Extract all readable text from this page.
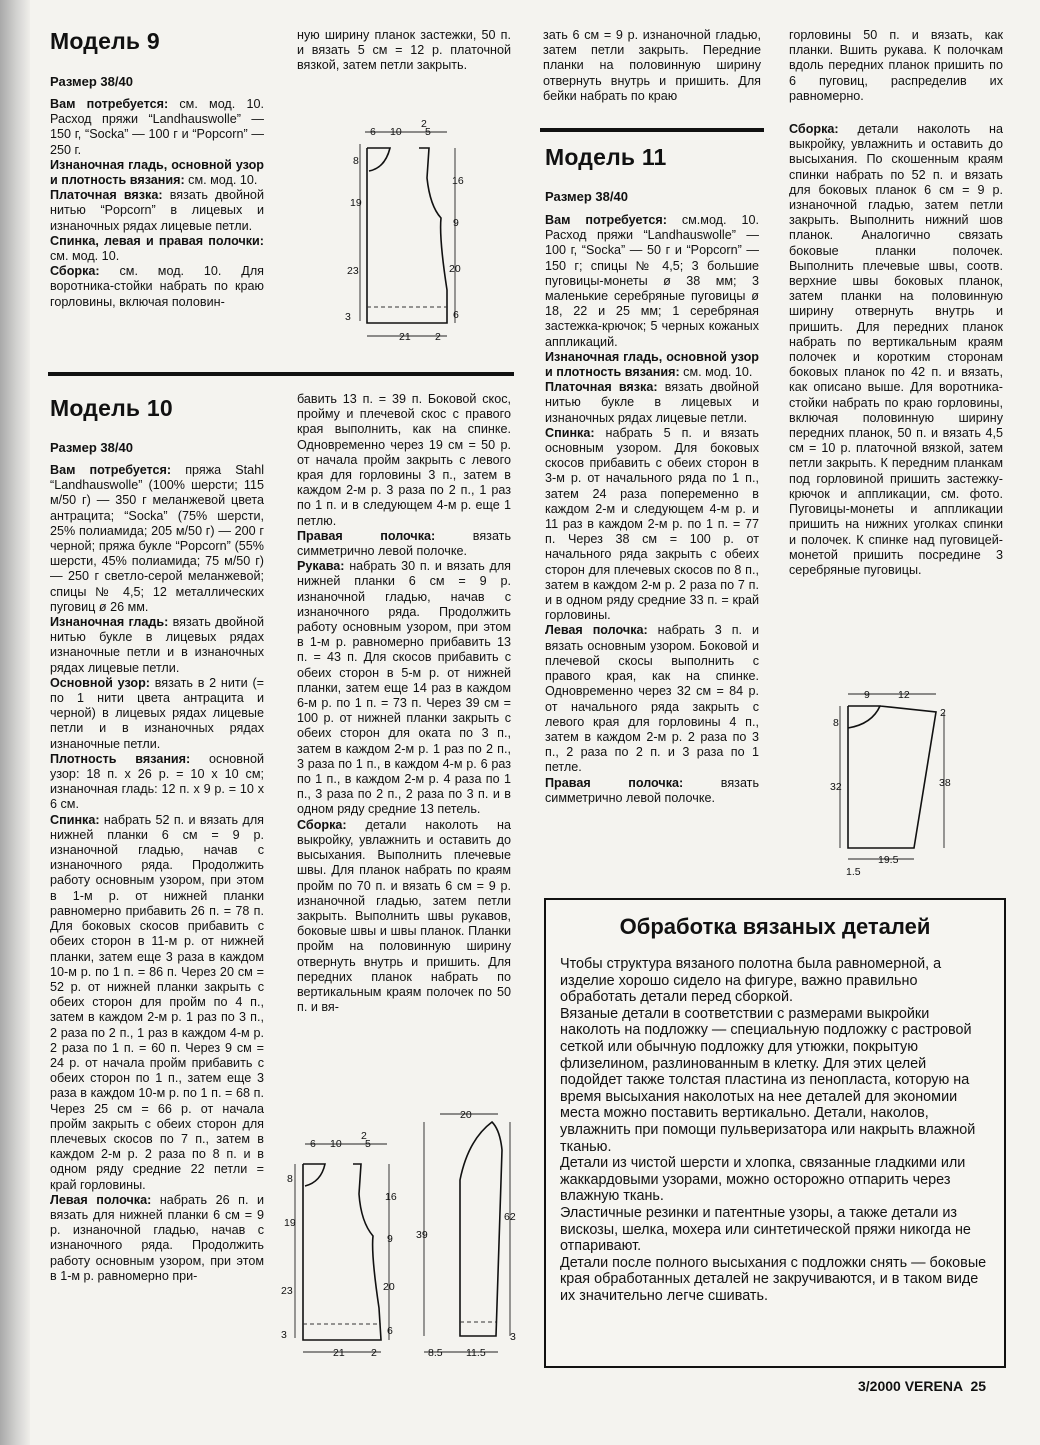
Модель 9
Размер 38/40

Вам потребуется: см. мод. 10. Расход пряжи “Landhauswolle” — 150 г, “Socka” — 100 г и “Popcorn” — 250 г.

Изнаночная гладь, основной узор и плотность вязания: см. мод. 10.

Платочная вязка: вязать двойной нитью “Popcorn” в лицевых и изнаночных рядах лицевые петли.

Спинка, левая и правая полочки: см. мод. 10.

Сборка: см. мод. 10. Для воротника-стойки набрать по краю горловины, включая половин-

ную ширину планок застежки, 50 п. и вязать 5 см = 12 р. платочной вязкой, затем петли закрыть.

6 10 5
2
8
19
23
3
16
9
20
6
21 2

зать 6 см = 9 р. изнаночной гладью, затем петли закрыть. Передние планки на половинную ширину отвернуть внутрь и пришить. Для бейки набрать по краю

Модель 11
Размер 38/40

Вам потребуется: см.мод. 10. Расход пряжи “Landhauswolle” — 100 г, “Socka” — 50 г и “Popcorn” — 150 г; спицы № 4,5; 3 большие пуговицы-монеты ø 38 мм; 3 маленькие серебряные пуговицы ø 18, 22 и 25 мм; 1 серебряная застежка-крючок; 5 черных кожаных аппликаций.

Изнаночная гладь, основной узор и плотность вязания: см. мод. 10.

Платочная вязка: вязать двойной нитью букле в лицевых и изнаночных рядах лицевые петли.

Спинка: набрать 5 п. и вязать основным узором. Для боковых скосов прибавить с обеих сторон в 3-м р. от начального ряда по 1 п., затем 24 раза попеременно в каждом 2-м и следующем 4-м р. и 11 раз в каждом 2-м р. по 1 п. = 77 п. Через 38 см = 100 р. от начального ряда закрыть с обеих сторон для плечевых скосов по 8 п., затем в каждом 2-м р. 2 раза по 7 п. и в одном ряду средние 33 п. = край горловины.

Левая полочка: набрать 3 п. и вязать основным узором. Боковой и плечевой скосы выполнить с правого края, как на спинке. Одновременно через 32 см = 84 р. от начального ряда закрыть с левого края для горловины 4 п., затем в каждом 2-м р. 2 раза по 3 п., 2 раза по 2 п. и 3 раза по 1 петле.

Правая полочка: вязать симметрично левой полочке.

горловины 50 п. и вязать, как планки. Вшить рукава. К полочкам вдоль передних планок пришить по 6 пуговиц, распределив их равномерно.

Сборка: детали наколоть на выкройку, увлажнить и оставить до высыхания. По скошенным краям спинки набрать по 52 п. и вязать для боковых планок 6 см = 9 р. изнаночной гладью, затем петли закрыть. Выполнить нижний шов планок. Аналогично связать боковые планки полочек. Выполнить плечевые швы, соотв. верхние швы боковых планок, затем планки на половинную ширину отвернуть внутрь и пришить. Для передних планок набрать по вертикальным краям полочек и коротким сторонам боковых планок по 42 п. и вязать, как описано выше. Для воротника-стойки набрать по краю горловины, включая половинную ширину передних планок, 50 п. и вязать 4,5 см = 10 р. платочной вязкой, затем петли закрыть. К передним планкам под горловиной пришить застежку-крючок и аппликации, см. фото. Пуговицы-монеты и аппликации пришить на нижних уголках спинки и полочек. К спинке над пуговицей-монетой пришить посредине 3 серебряные пуговицы.

9	12
2
8
32	38
19.5
1.5
Модель 10
Размер 38/40

Вам потребуется: пряжа Stahl “Landhauswolle” (100% шерсти; 115 м/50 г) — 350 г меланжевой цвета антрацита; “Socka” (75% шерсти, 25% полиамида; 205 м/50 г) — 200 г черной; пряжа букле “Popcorn” (55% шерсти, 45% полиамида; 75 м/50 г) — 250 г светло-серой меланжевой; спицы № 4,5; 12 металлических пуговиц ø 26 мм.

Изнаночная гладь: вязать двойной нитью букле в лицевых рядах изнаночные петли и в изнаночных рядах лицевые петли.

Основной узор: вязать в 2 нити (= по 1 нити цвета антрацита и черной) в лицевых рядах лицевые петли и в изнаночных рядах изнаночные петли.

Плотность вязания: основной узор: 18 п. х 26 р. = 10 х 10 см; изнаночная гладь: 12 п. х 9 р. = 10 х 6 см.

Спинка: набрать 52 п. и вязать для нижней планки 6 см = 9 р. изнаночной гладью, начав с изнаночного ряда. Продолжить работу основным узором, при этом в 1-м р. от нижней планки равномерно прибавить 26 п. = 78 п. Для боковых скосов прибавить с обеих сторон в 11-м р. от нижней планки, затем еще 3 раза в каждом 10-м р. по 1 п. = 86 п. Через 20 см = 52 р. от нижней планки закрыть с обеих сторон для пройм по 4 п., затем в каждом 2-м р. 1 раз по 3 п., 2 раза по 2 п., 1 раз в каждом 4-м р. 2 раза по 1 п. = 60 п. Через 9 см = 24 р. от начала пройм прибавить с обеих сторон по 1 п., затем еще 3 раза в каждом 10-м р. по 1 п. = 68 п. Через 25 см = 66 р. от начала пройм закрыть с обеих сторон для плечевых скосов по 7 п., затем в каждом 2-м р. 2 раза по 8 п. и в одном ряду средние 22 петли = край горловины.

Левая полочка: набрать 26 п. и вязать для нижней планки 6 см = 9 р. изнаночной гладью, начав с изнаночного ряда. Продолжить работу основным узором, при этом в 1-м р. равномерно при-

бавить 13 п. = 39 п. Боковой скос, пройму и плечевой скос с правого края выполнить, как на спинке. Одновременно через 19 см = 50 р. от начала пройм закрыть с левого края для горловины 3 п., затем в каждом 2-м р. 3 раза по 2 п., 1 раз по 1 п. и в следующем 4-м р. еще 1 петлю.

Правая полочка: вязать симметрично левой полочке.

Рукава: набрать 30 п. и вязать для нижней планки 6 см = 9 р. изнаночной гладью, начав с изнаночного ряда. Продолжить работу основным узором, при этом в 1-м р. равномерно прибавить 13 п. = 43 п. Для скосов прибавить с обеих сторон в 5-м р. от нижней планки, затем еще 14 раз в каждом 6-м р. по 1 п. = 73 п. Через 39 см = 100 р. от нижней планки закрыть с обеих сторон для оката по 3 п., затем в каждом 2-м р. 1 раз по 2 п., 3 раза по 1 п., в каждом 4-м р. 6 раз по 1 п., в каждом 2-м р. 4 раза по 1 п., 3 раза по 2 п., 2 раза по 3 п. и в одном ряду средние 13 петель.

Сборка: детали наколоть на выкройку, увлажнить и оставить до высыхания. Выполнить плечевые швы. Для планок набрать по краям пройм по 70 п. и вязать 6 см = 9 р. изнаночной гладью, затем петли закрыть. Выполнить швы рукавов, боковые швы и швы планок. Планки пройм на половинную ширину отвернуть внутрь и пришить. Для передних планок набрать по вертикальным краям полочек по 50 п. и вя-

6 10 5
2
8
19
23
3
16
9
20
6
21	2
20
39
62
3
8.5 11.5
Обработка вязаных деталей

Чтобы структура вязаного полотна была равномерной, а изделие хорошо сидело на фигуре, важно правильно обработать детали перед сборкой.

Вязаные детали в соответствии с размерами выкройки наколоть на подложку — специальную подложку с растровой сеткой или обычную подложку для утюжки, покрытую флизелином, разлинованным в клетку. Для этих целей подойдет также толстая пластина из пенопласта, которую на время высыхания наколотых на нее деталей для экономии места можно поставить вертикально. Детали, наколов, увлажнить при помощи пульверизатора или накрыть влажной тканью.

Детали из чистой шерсти и хлопка, связанные гладкими или жаккардовыми узорами, можно осторожно отпарить через влажную ткань.

Эластичные резинки и патентные узоры, а также детали из вискозы, шелка, мохера или синтетической пряжи никогда не отпаривают.

Детали после полного высыхания с подложки снять — боковые края обработанных деталей не закручиваются, и в таком виде их значительно легче сшивать.

3/2000 VERENA 25
